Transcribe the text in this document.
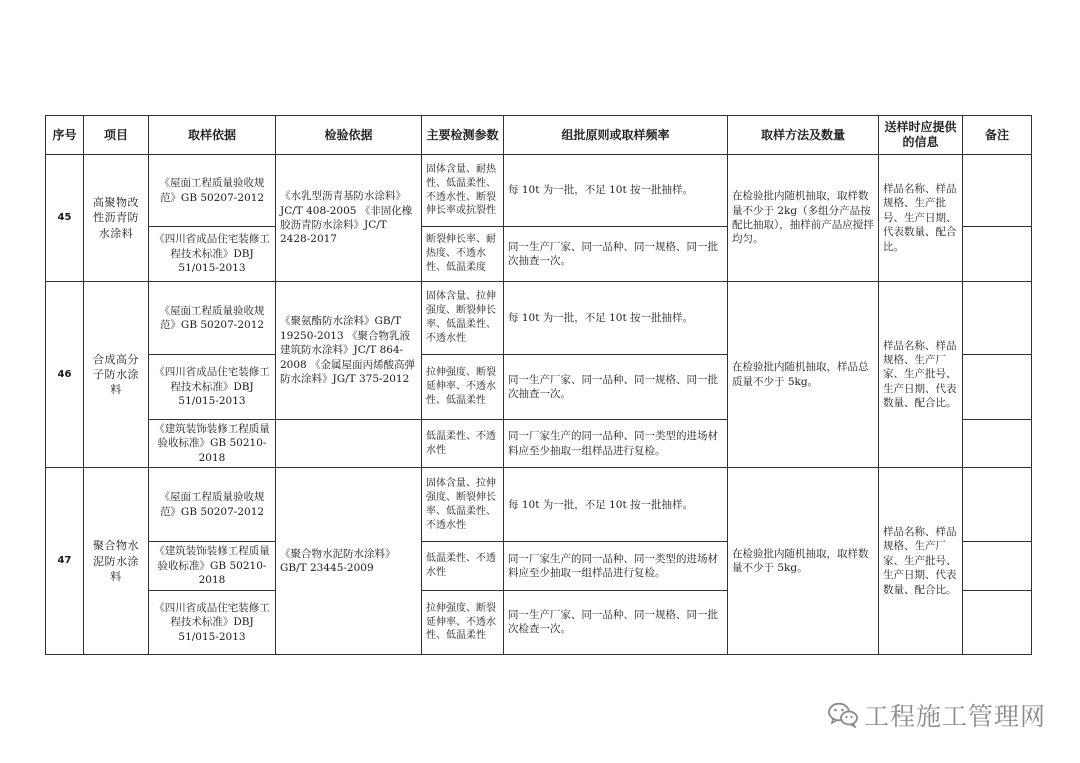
序号	项目	取样依据	检验依据	主要检测参数	组批原则或取样频率	取样方法及数量	送样时应提供的信息	备注
45	高聚物改性沥青防水涂料	《屋面工程质量验收规范》GB 50207-2012	《水乳型沥青基防水涂料》JC/T 408-2005 《非固化橡胶沥青防水涂料》JC/T 2428-2017	固体含量、耐热性、低温柔性、不透水性、断裂伸长率或抗裂性	每 10t 为一批，不足 10t 按一批抽样。	在检验批内随机抽取，取样数量不少于 2kg（多组分产品按配比抽取），抽样前产品应搅拌均匀。	样品名称、样品规格、生产批号、生产日期、代表数量、配合比。	
		《四川省成品住宅装修工程技术标准》DBJ 51/015-2013		断裂伸长率、耐热度、不透水性、低温柔度	同一生产厂家、同一品种、同一规格、同一批次抽查一次。			
46	合成高分子防水涂料	《屋面工程质量验收规范》GB 50207-2012	《聚氨酯防水涂料》GB/T 19250-2013 《聚合物乳液建筑防水涂料》JC/T 864-2008 《金属屋面丙烯酸高弹防水涂料》JG/T 375-2012	固体含量、拉伸强度、断裂伸长率、低温柔性、不透水性	每 10t 为一批，不足 10t 按一批抽样。	在检验批内随机抽取，样品总质量不少于 5kg。	样品名称、样品规格、生产厂家、生产批号、生产日期、代表数量、配合比。	
		《四川省成品住宅装修工程技术标准》DBJ 51/015-2013		拉伸强度、断裂延伸率、不透水性、低温柔性	同一生产厂家、同一品种、同一规格、同一批次抽查一次。			
		《建筑装饰装修工程质量验收标准》GB 50210-2018		低温柔性、不透水性	同一厂家生产的同一品种、同一类型的进场材料应至少抽取一组样品进行复检。			
47	聚合物水泥防水涂料	《屋面工程质量验收规范》GB 50207-2012	《聚合物水泥防水涂料》GB/T 23445-2009	固体含量、拉伸强度、断裂伸长率、低温柔性、不透水性	每 10t 为一批，不足 10t 按一批抽样。	在检验批内随机抽取，取样数量不少于 5kg。	样品名称、样品规格、生产厂家、生产批号、生产日期、代表数量、配合比。	
		《建筑装饰装修工程质量验收标准》GB 50210-2018		低温柔性、不透水性	同一厂家生产的同一品种、同一类型的进场材料应至少抽取一组样品进行复检。			
		《四川省成品住宅装修工程技术标准》DBJ 51/015-2013		拉伸强度、断裂延伸率、不透水性、低温柔性	同一生产厂家、同一品种、同一规格、同一批次检查一次。			
工程施工管理网
